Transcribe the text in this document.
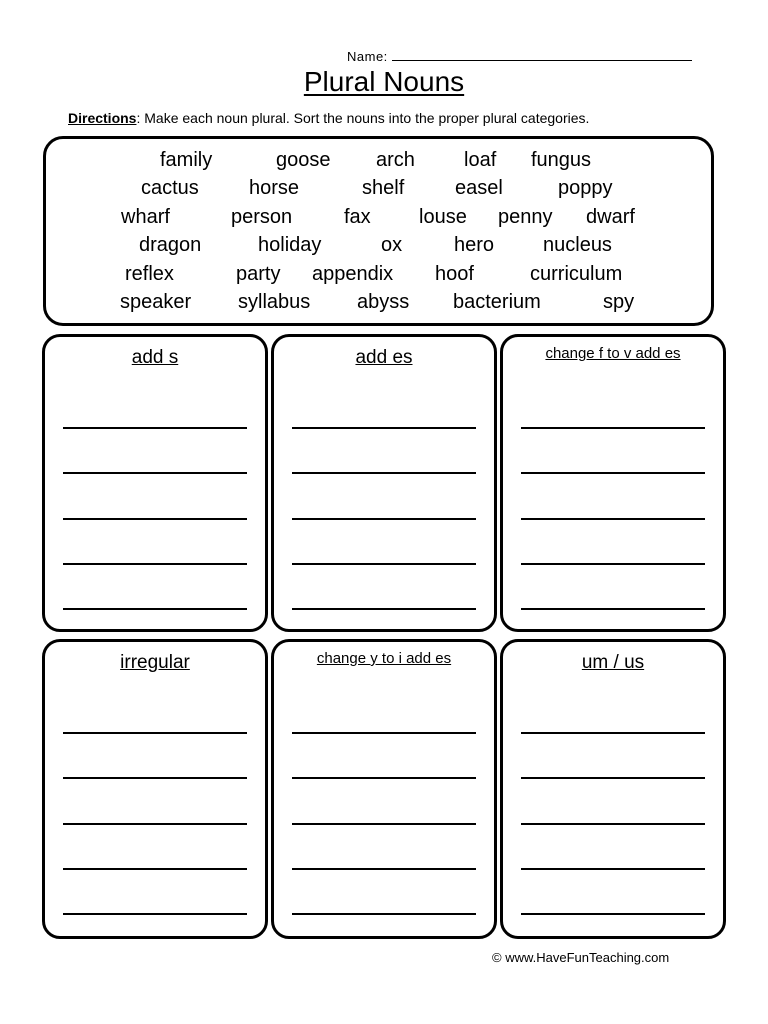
Name:
Plural Nouns
Directions: Make each noun plural. Sort the nouns into the proper plural categories.
family	goose arch loaf fungus
cactus	horse	shelf	easel	poppy
wharf	person	fax louse penny dwarf
dragon	holiday	ox	hero nucleus
reflex	party appendix hoof	curriculum
speaker syllabus abyss bacterium	spy
add s	add es	change f to v add es
irregular	change y to i add es	um / us
© www.HaveFunTeaching.com
